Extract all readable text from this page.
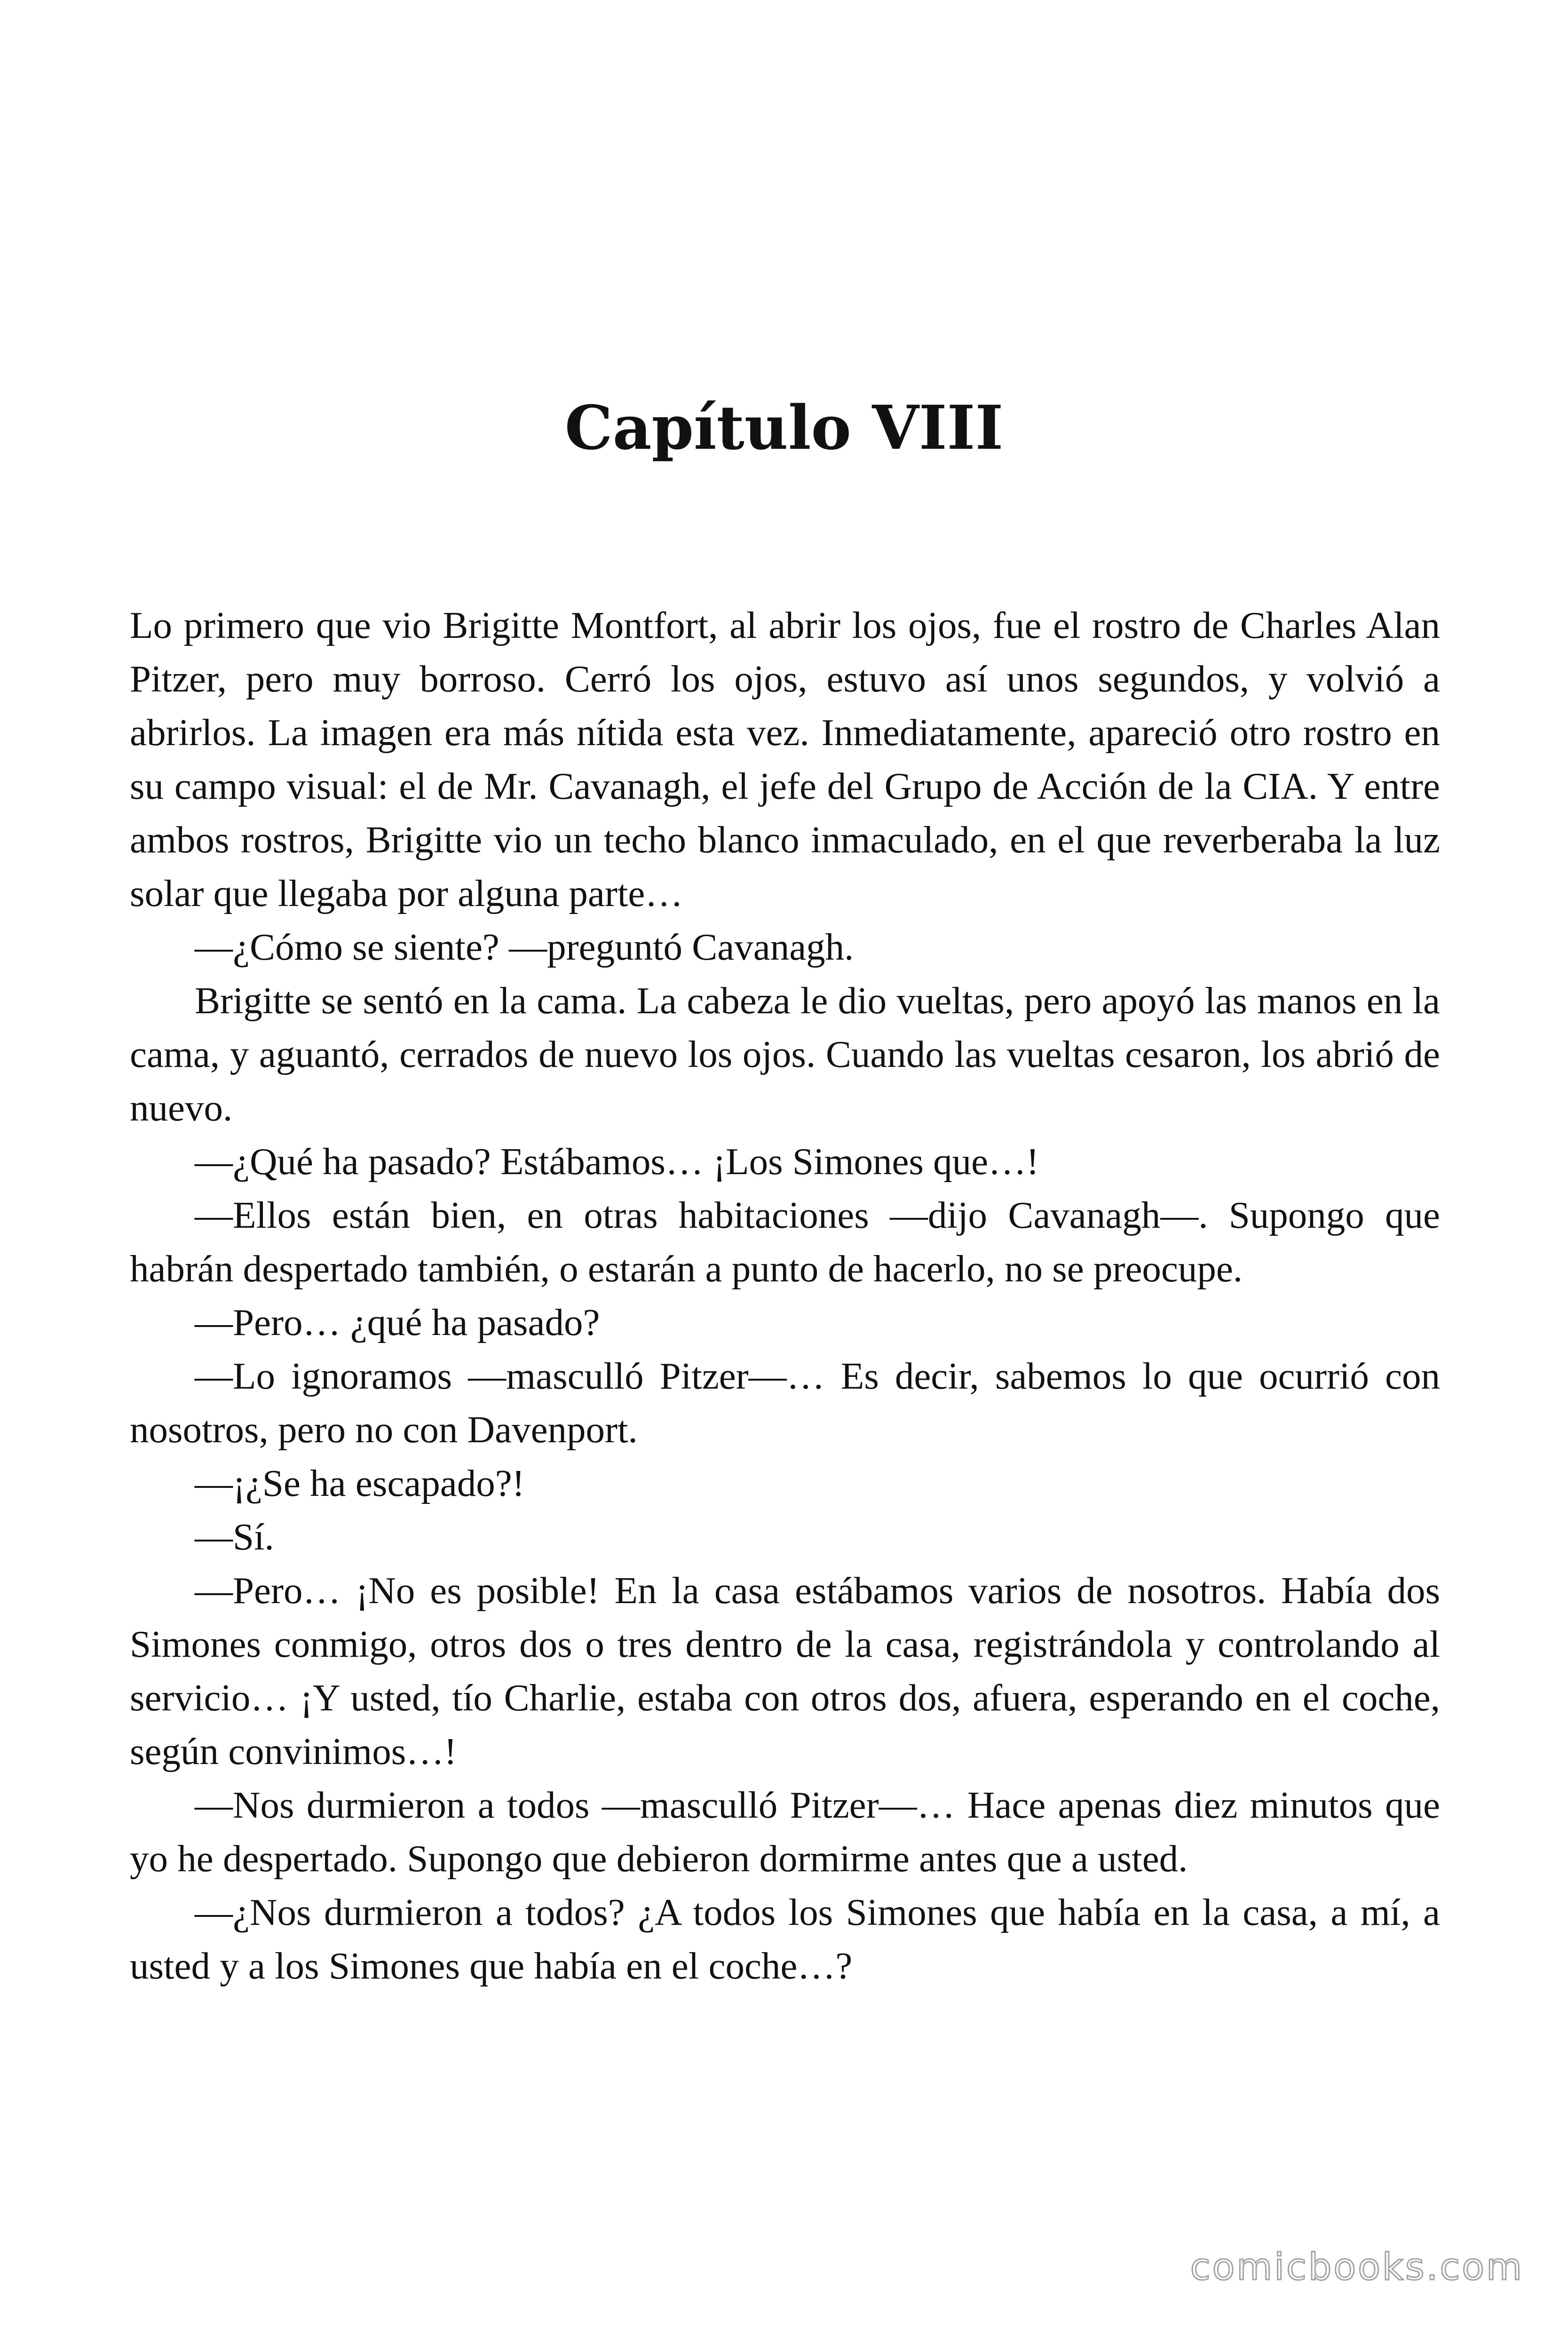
Capítulo VIII

Lo primero que vio Brigitte Montfort, al abrir los ojos, fue el rostro de Charles Alan Pitzer, pero muy borroso. Cerró los ojos, estuvo así unos segundos, y volvió a abrirlos. La imagen era más nítida esta vez. Inmediatamente, apareció otro rostro en su campo visual: el de Mr. Cavanagh, el jefe del Grupo de Acción de la CIA. Y entre ambos rostros, Brigitte vio un techo blanco inmaculado, en el que reverberaba la luz solar que llegaba por alguna parte…

—¿Cómo se siente? —preguntó Cavanagh.

Brigitte se sentó en la cama. La cabeza le dio vueltas, pero apoyó las manos en la cama, y aguantó, cerrados de nuevo los ojos. Cuando las vueltas cesaron, los abrió de nuevo.

—¿Qué ha pasado? Estábamos… ¡Los Simones que…!

—Ellos están bien, en otras habitaciones —dijo Cavanagh—. Supongo que habrán despertado también, o estarán a punto de hacerlo, no se preocupe.

—Pero… ¿qué ha pasado?

—Lo ignoramos —masculló Pitzer—… Es decir, sabemos lo que ocurrió con nosotros, pero no con Davenport.

—¡¿Se ha escapado?!

—Sí.

—Pero… ¡No es posible! En la casa estábamos varios de nosotros. Había dos Simones conmigo, otros dos o tres dentro de la casa, registrándola y controlando al servicio… ¡Y usted, tío Charlie, estaba con otros dos, afuera, esperando en el coche, según convinimos…!

—Nos durmieron a todos —masculló Pitzer—… Hace apenas diez minutos que yo he despertado. Supongo que debieron dormirme antes que a usted.

—¿Nos durmieron a todos? ¿A todos los Simones que había en la casa, a mí, a usted y a los Simones que había en el coche…?

comicbooks.com
